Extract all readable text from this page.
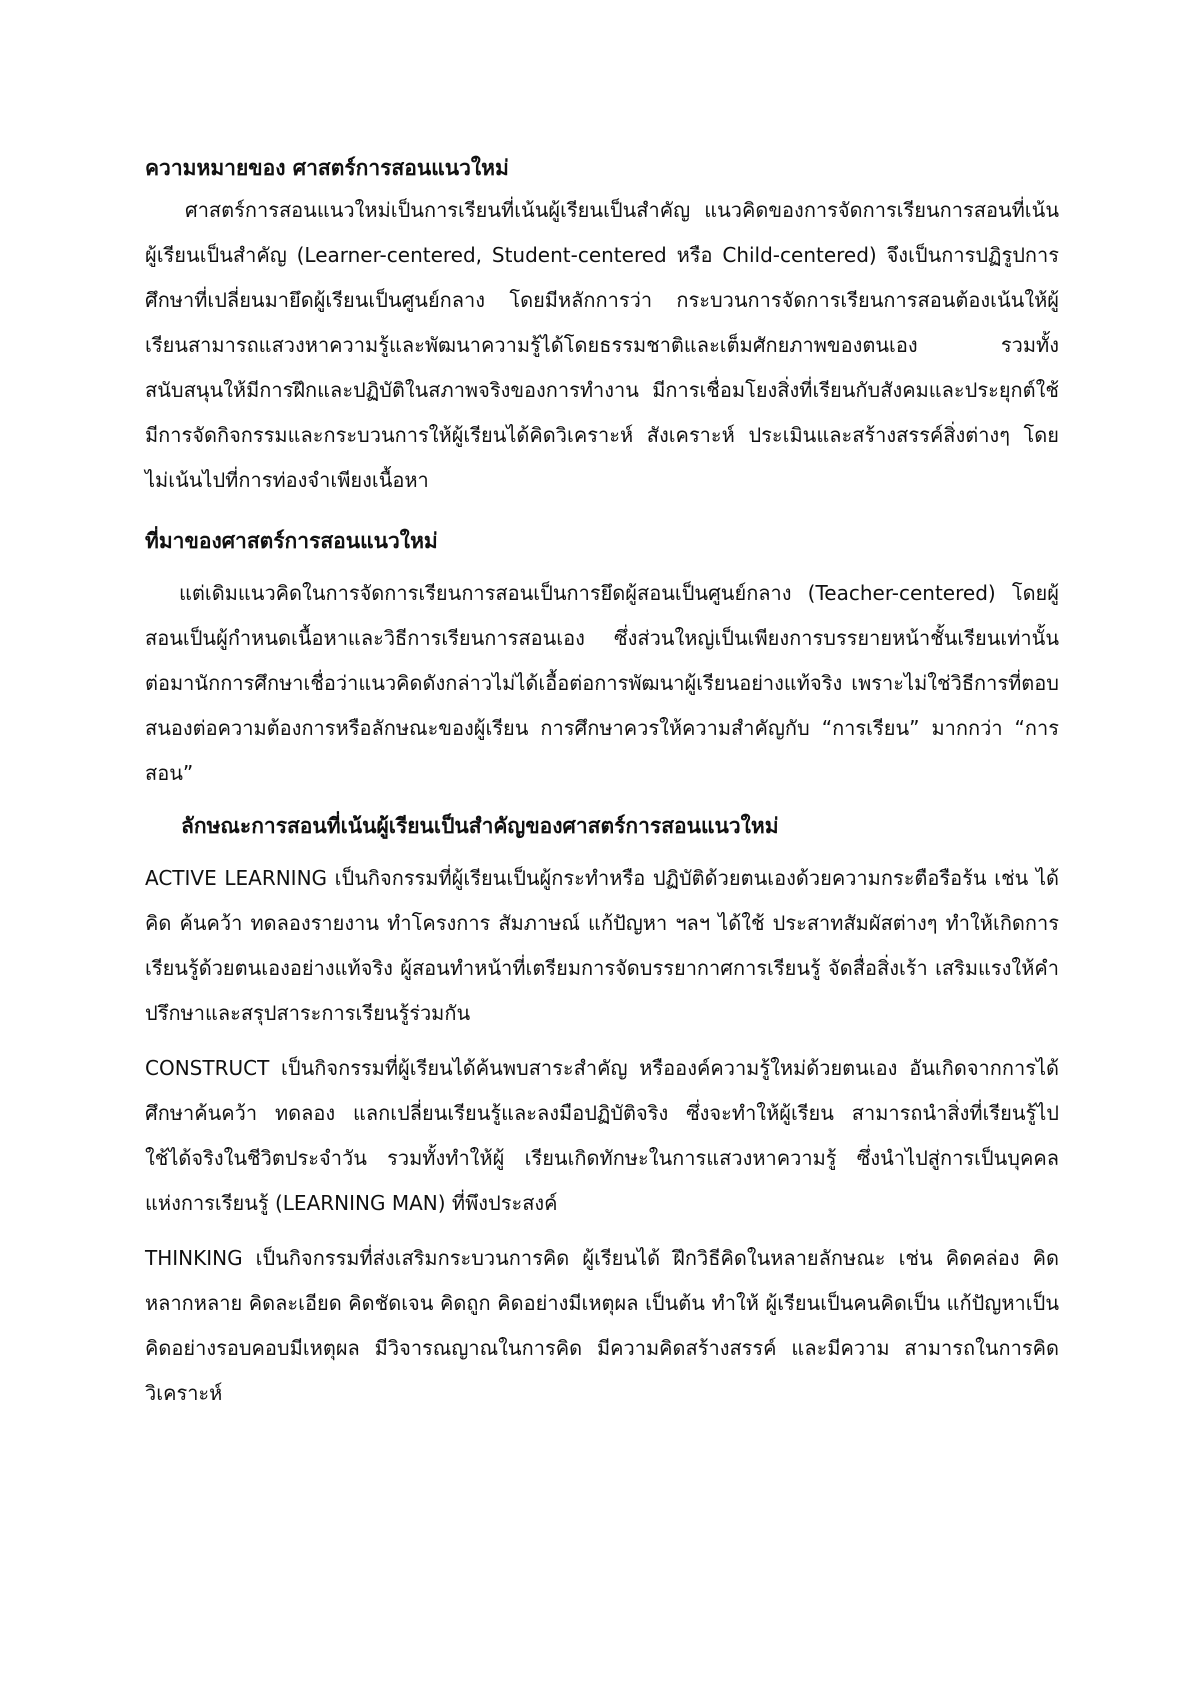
ความหมายของ ศาสตร์การสอนแนวใหม่

ศาสตร์การสอนแนวใหม่เป็นการเรียนที่เน้นผู้เรียนเป็นสำคัญ แนวคิดของการจัดการเรียนการสอนที่เน้นผู้เรียนเป็นสำคัญ (Learner-centered, Student-centered หรือ Child-centered) จึงเป็นการปฏิรูปการศึกษาที่เปลี่ยนมายึดผู้เรียนเป็นศูนย์กลาง โดยมีหลักการว่า กระบวนการจัดการเรียนการสอนต้องเน้นให้ผู้เรียนสามารถแสวงหาความรู้และพัฒนาความรู้ได้โดยธรรมชาติและเต็มศักยภาพของตนเอง รวมทั้งสนับสนุนให้มีการฝึกและปฏิบัติในสภาพจริงของการทำงาน มีการเชื่อมโยงสิ่งที่เรียนกับสังคมและประยุกต์ใช้ มีการจัดกิจกรรมและกระบวนการให้ผู้เรียนได้คิดวิเคราะห์ สังเคราะห์ ประเมินและสร้างสรรค์สิ่งต่างๆ โดยไม่เน้นไปที่การท่องจำเพียงเนื้อหา

ที่มาของศาสตร์การสอนแนวใหม่

แต่เดิมแนวคิดในการจัดการเรียนการสอนเป็นการยึดผู้สอนเป็นศูนย์กลาง (Teacher-centered) โดยผู้สอนเป็นผู้กำหนดเนื้อหาและวิธีการเรียนการสอนเอง ซึ่งส่วนใหญ่เป็นเพียงการบรรยายหน้าชั้นเรียนเท่านั้น ต่อมานักการศึกษาเชื่อว่าแนวคิดดังกล่าวไม่ได้เอื้อต่อการพัฒนาผู้เรียนอย่างแท้จริง เพราะไม่ใช่วิธีการที่ตอบสนองต่อความต้องการหรือลักษณะของผู้เรียน การศึกษาควรให้ความสำคัญกับ “การเรียน” มากกว่า “การสอน”

ลักษณะการสอนที่เน้นผู้เรียนเป็นสำคัญของศาสตร์การสอนแนวใหม่

ACTIVE LEARNING เป็นกิจกรรมที่ผู้เรียนเป็นผู้กระทำหรือ ปฏิบัติด้วยตนเองด้วยความกระตือรือร้น เช่น ได้คิด ค้นคว้า ทดลองรายงาน ทำโครงการ สัมภาษณ์ แก้ปัญหา ฯลฯ ได้ใช้ ประสาทสัมผัสต่างๆ ทำให้เกิดการเรียนรู้ด้วยตนเองอย่างแท้จริง ผู้สอนทำหน้าที่เตรียมการจัดบรรยากาศการเรียนรู้ จัดสื่อสิ่งเร้า เสริมแรงให้คำปรึกษาและสรุปสาระการเรียนรู้ร่วมกัน

CONSTRUCT เป็นกิจกรรมที่ผู้เรียนได้ค้นพบสาระสำคัญ หรือองค์ความรู้ใหม่ด้วยตนเอง อันเกิดจากการได้ศึกษาค้นคว้า ทดลอง แลกเปลี่ยนเรียนรู้และลงมือปฏิบัติจริง ซึ่งจะทำให้ผู้เรียน สามารถนำสิ่งที่เรียนรู้ไปใช้ได้จริงในชีวิตประจำวัน รวมทั้งทำให้ผู้ เรียนเกิดทักษะในการแสวงหาความรู้ ซึ่งนำไปสู่การเป็นบุคคล แห่งการเรียนรู้ (LEARNING MAN) ที่พึงประสงค์

THINKING เป็นกิจกรรมที่ส่งเสริมกระบวนการคิด ผู้เรียนได้ ฝึกวิธีคิดในหลายลักษณะ เช่น คิดคล่อง คิดหลากหลาย คิดละเอียด คิดชัดเจน คิดถูก คิดอย่างมีเหตุผล เป็นต้น ทำให้ ผู้เรียนเป็นคนคิดเป็น แก้ปัญหาเป็น คิดอย่างรอบคอบมีเหตุผล มีวิจารณญาณในการคิด มีความคิดสร้างสรรค์ และมีความ สามารถในการคิดวิเคราะห์
